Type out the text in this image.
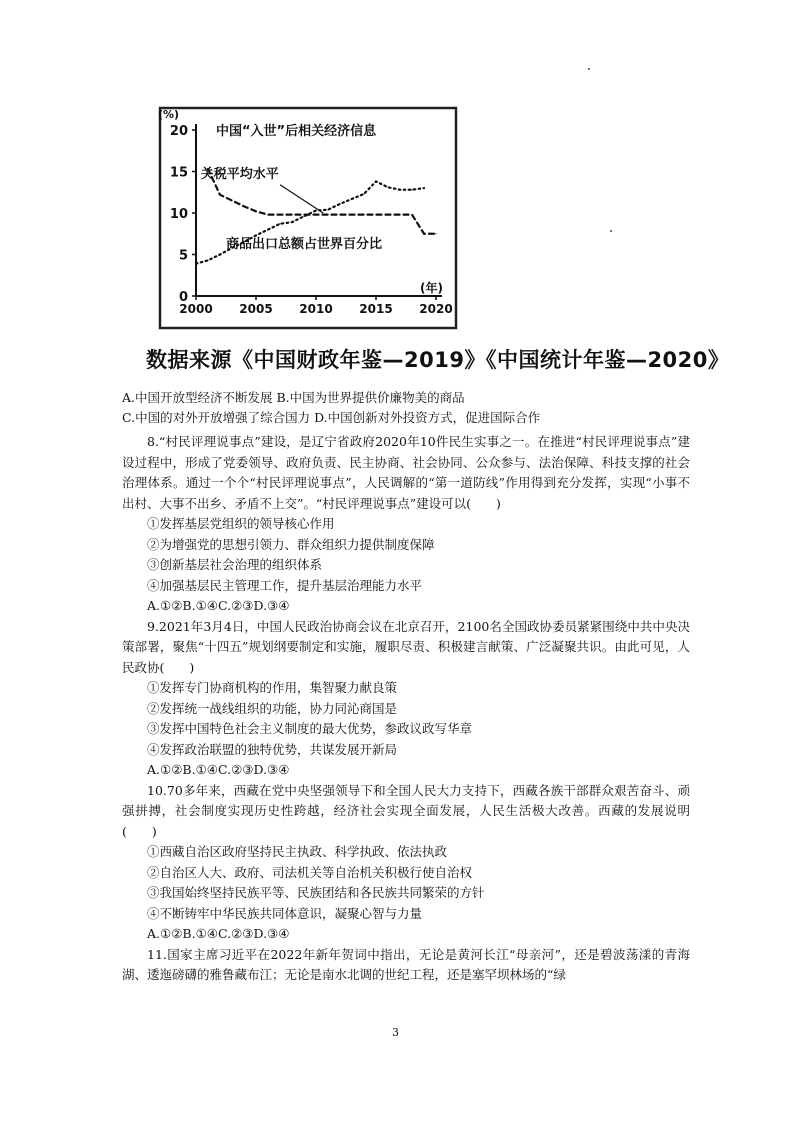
0
5
10
15
20
2000 2005 2010 2015 2020
(%)
(年)
中国“入世”后相关经济信息
关税平均水平
商品出口总额占世界百分比
数据来源《中国财政年鉴—2019》《中国统计年鉴—2020》
A.中国开放型经济不断发展 B.中国为世界提供价廉物美的商品
C.中国的对外开放增强了综合国力 D.中国创新对外投资方式，促进国际合作

8.“村民评理说事点”建设，是辽宁省政府2020年10件民生实事之一。在推进“村民评理说事点”建设过程中，形成了党委领导、政府负责、民主协商、社会协同、公众参与、法治保障、科技支撑的社会治理体系。通过一个个“村民评理说事点”，人民调解的“第一道防线”作用得到充分发挥，实现“小事不出村、大事不出乡、矛盾不上交”。“村民评理说事点”建设可以(　　)

①发挥基层党组织的领导核心作用

②为增强党的思想引领力、群众组织力提供制度保障

③创新基层社会治理的组织体系

④加强基层民主管理工作，提升基层治理能力水平

A.①②B.①④C.②③D.③④

9.2021年3月4日，中国人民政治协商会议在北京召开，2100名全国政协委员紧紧围绕中共中央决策部署，聚焦“十四五”规划纲要制定和实施，履职尽责、积极建言献策、广泛凝聚共识。由此可见，人民政协(　　)

①发挥专门协商机构的作用，集智聚力献良策

②发挥统一战线组织的功能，协力同沁商国是

③发挥中国特色社会主义制度的最大优势，参政议政写华章

④发挥政治联盟的独特优势，共谋发展开新局

A.①②B.①④C.②③D.③④

10.70多年来，西藏在党中央坚强领导下和全国人民大力支持下，西藏各族干部群众艰苦奋斗、顽强拼搏，社会制度实现历史性跨越，经济社会实现全面发展，人民生活极大改善。西藏的发展说明(　　)

①西藏自治区政府坚持民主执政、科学执政、依法执政

②自治区人大、政府、司法机关等自治机关积极行使自治权

③我国始终坚持民族平等、民族团结和各民族共同繁荣的方针

④不断铸牢中华民族共同体意识，凝聚心智与力量

A.①②B.①④C.②③D.③④

11.国家主席习近平在2022年新年贺词中指出，无论是黄河长江“母亲河”，还是碧波荡漾的青海湖、逶迤磅礴的雅鲁藏布江；无论是南水北调的世纪工程，还是塞罕坝林场的“绿

3
